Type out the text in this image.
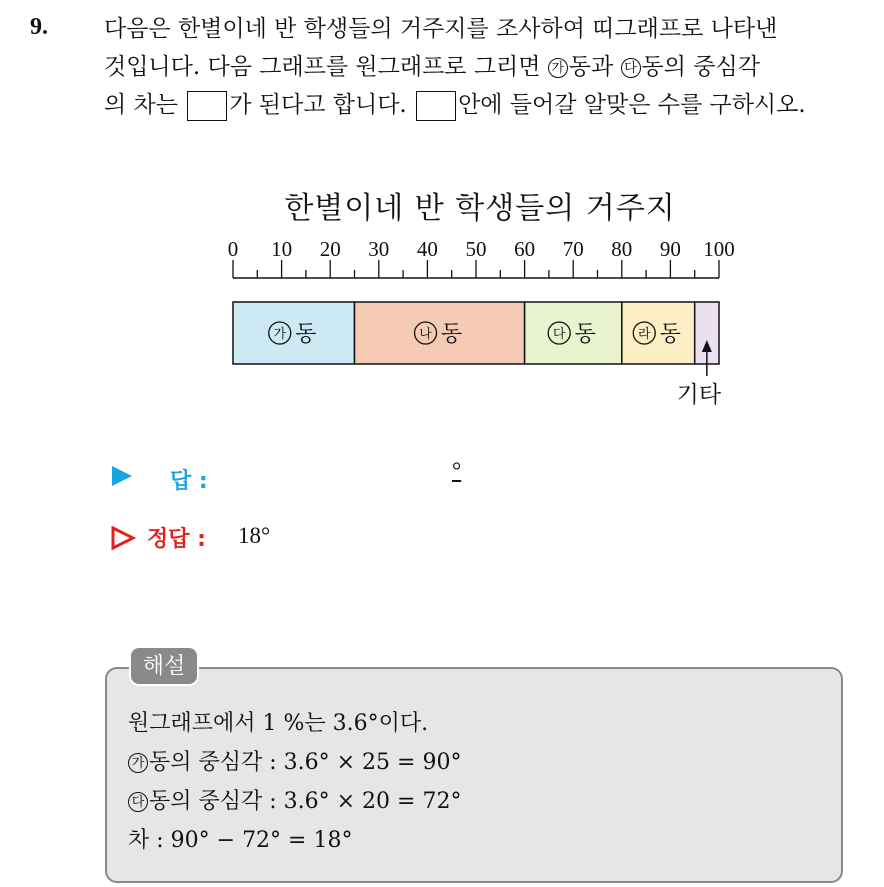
9. 다음은 한별이네 반 학생들의 거주지를 조사하여 띠그래프로 나타낸
것입니다. 다음 그래프를 원그래프로 그리면 가 동과 다 동의 중심각
의 차는 가 된다고 합니다. 안에 들어갈 알맞은 수를 구하시오.
한별이네 반 학생들의 거주지
0 10 20 30 40 50 60 70 80 90 100
가 동	나 동	다 동	라 동
기타
답 :	°
정답 : 18°
해설
원그래프에서 1 %는 3.6°이다.
가 동의 중심각 : 3.6° × 25 = 90°
다 동의 중심각 : 3.6° × 20 = 72°
차 : 90° − 72° = 18°
